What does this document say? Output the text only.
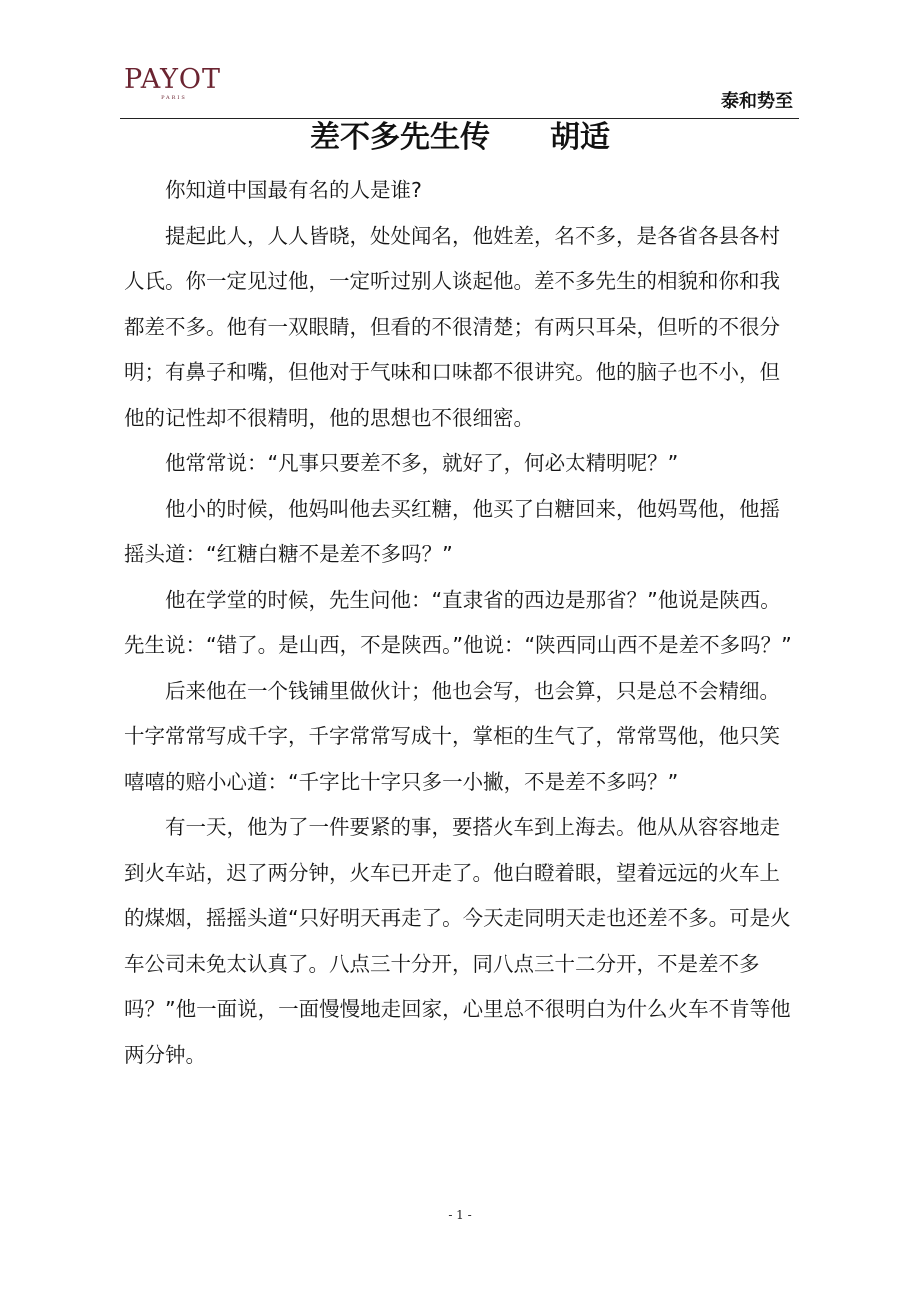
PAYOT
PARIS	泰和势至
差不多先生传　　胡适

你知道中国最有名的人是谁?

提起此人，人人皆晓，处处闻名，他姓差，名不多，是各省各县各村人氏。你一定见过他，一定听过别人谈起他。差不多先生的相貌和你和我都差不多。他有一双眼睛，但看的不很清楚；有两只耳朵，但听的不很分明；有鼻子和嘴，但他对于气味和口味都不很讲究。他的脑子也不小，但他的记性却不很精明，他的思想也不很细密。

他常常说：“凡事只要差不多，就好了，何必太精明呢？”

他小的时候，他妈叫他去买红糖，他买了白糖回来，他妈骂他，他摇摇头道：“红糖白糖不是差不多吗？”

他在学堂的时候，先生问他：“直隶省的西边是那省？”他说是陕西。先生说：“错了。是山西，不是陕西。”他说：“陕西同山西不是差不多吗？”

后来他在一个钱铺里做伙计；他也会写，也会算，只是总不会精细。十字常常写成千字，千字常常写成十，掌柜的生气了，常常骂他，他只笑嘻嘻的赔小心道：“千字比十字只多一小撇，不是差不多吗？”

有一天，他为了一件要紧的事，要搭火车到上海去。他从从容容地走到火车站，迟了两分钟，火车已开走了。他白瞪着眼，望着远远的火车上的煤烟，摇摇头道“只好明天再走了。今天走同明天走也还差不多。可是火车公司未免太认真了。八点三十分开，同八点三十二分开，不是差不多吗？”他一面说，一面慢慢地走回家，心里总不很明白为什么火车不肯等他两分钟。

- 1 -
